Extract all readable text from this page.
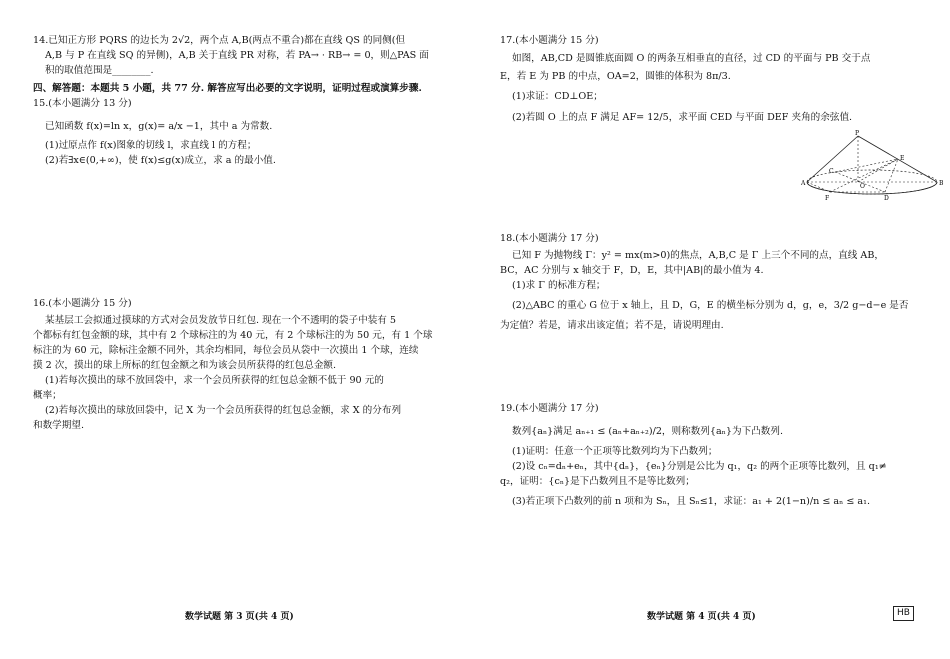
14.已知正方形 PQRS 的边长为 2√2，两个点 A,B(两点不重合)都在直线 QS 的同侧(但
A,B 与 P 在直线 SQ 的异侧)，A,B 关于直线 PR 对称，若 PA→ · RB→ = 0，则△PAS 面
积的取值范围是________.
四、解答题：本题共 5 小题，共 77 分. 解答应写出必要的文字说明，证明过程或演算步骤.
15.(本小题满分 13 分)
已知函数 f(x)=ln x，g(x)= a/x −1，其中 a 为常数.
(1)过原点作 f(x)图象的切线 l，求直线 l 的方程；
(2)若∃x∈(0,+∞)，使 f(x)≤g(x)成立，求 a 的最小值.
16.(本小题满分 15 分)
某基层工会拟通过摸球的方式对会员发放节日红包. 现在一个不透明的袋子中装有 5
个都标有红包金额的球，其中有 2 个球标注的为 40 元，有 2 个球标注的为 50 元，有 1 个球
标注的为 60 元，除标注金额不同外，其余均相同，每位会员从袋中一次摸出 1 个球，连续
摸 2 次，摸出的球上所标的红包金额之和为该会员所获得的红包总金额.
(1)若每次摸出的球不放回袋中，求一个会员所获得的红包总金额不低于 90 元的
概率；
(2)若每次摸出的球放回袋中，记 X 为一个会员所获得的红包总金额，求 X 的分布列
和数学期望.
数学试题 第 3 页(共 4 页)
17.(本小题满分 15 分)
如图，AB,CD 是圆锥底面圆 O 的两条互相垂直的直径，过 CD 的平面与 PB 交于点
E，若 E 为 PB 的中点，OA=2，圆锥的体积为 8π/3.
(1)求证：CD⊥OE；
(2)若圆 O 上的点 F 满足 AF= 12/5，求平面 CED 与平面 DEF 夹角的余弦值.
P
A	B
C
D
E
F
O
18.(本小题满分 17 分)
已知 F 为抛物线 Γ：y² = mx(m>0)的焦点，A,B,C 是 Γ 上三个不同的点，直线 AB，
BC，AC 分别与 x 轴交于 F，D，E，其中|AB|的最小值为 4.
(1)求 Γ 的标准方程；
(2)△ABC 的重心 G 位于 x 轴上，且 D，G，E 的横坐标分别为 d，g，e，3/2 g−d−e 是否
为定值？若是，请求出该定值；若不是，请说明理由.
19.(本小题满分 17 分)
数列{aₙ}满足 aₙ₊₁ ≤ (aₙ+aₙ₊₂)/2，则称数列{aₙ}为下凸数列.
(1)证明：任意一个正项等比数列均为下凸数列；
(2)设 cₙ=dₙ+eₙ，其中{dₙ}，{eₙ}分别是公比为 q₁，q₂ 的两个正项等比数列，且 q₁≠
q₂，证明：{cₙ}是下凸数列且不是等比数列；
(3)若正项下凸数列的前 n 项和为 Sₙ，且 Sₙ≤1，求证：a₁ + 2(1−n)/n ≤ aₙ ≤ a₁.
数学试题 第 4 页(共 4 页)	HB
